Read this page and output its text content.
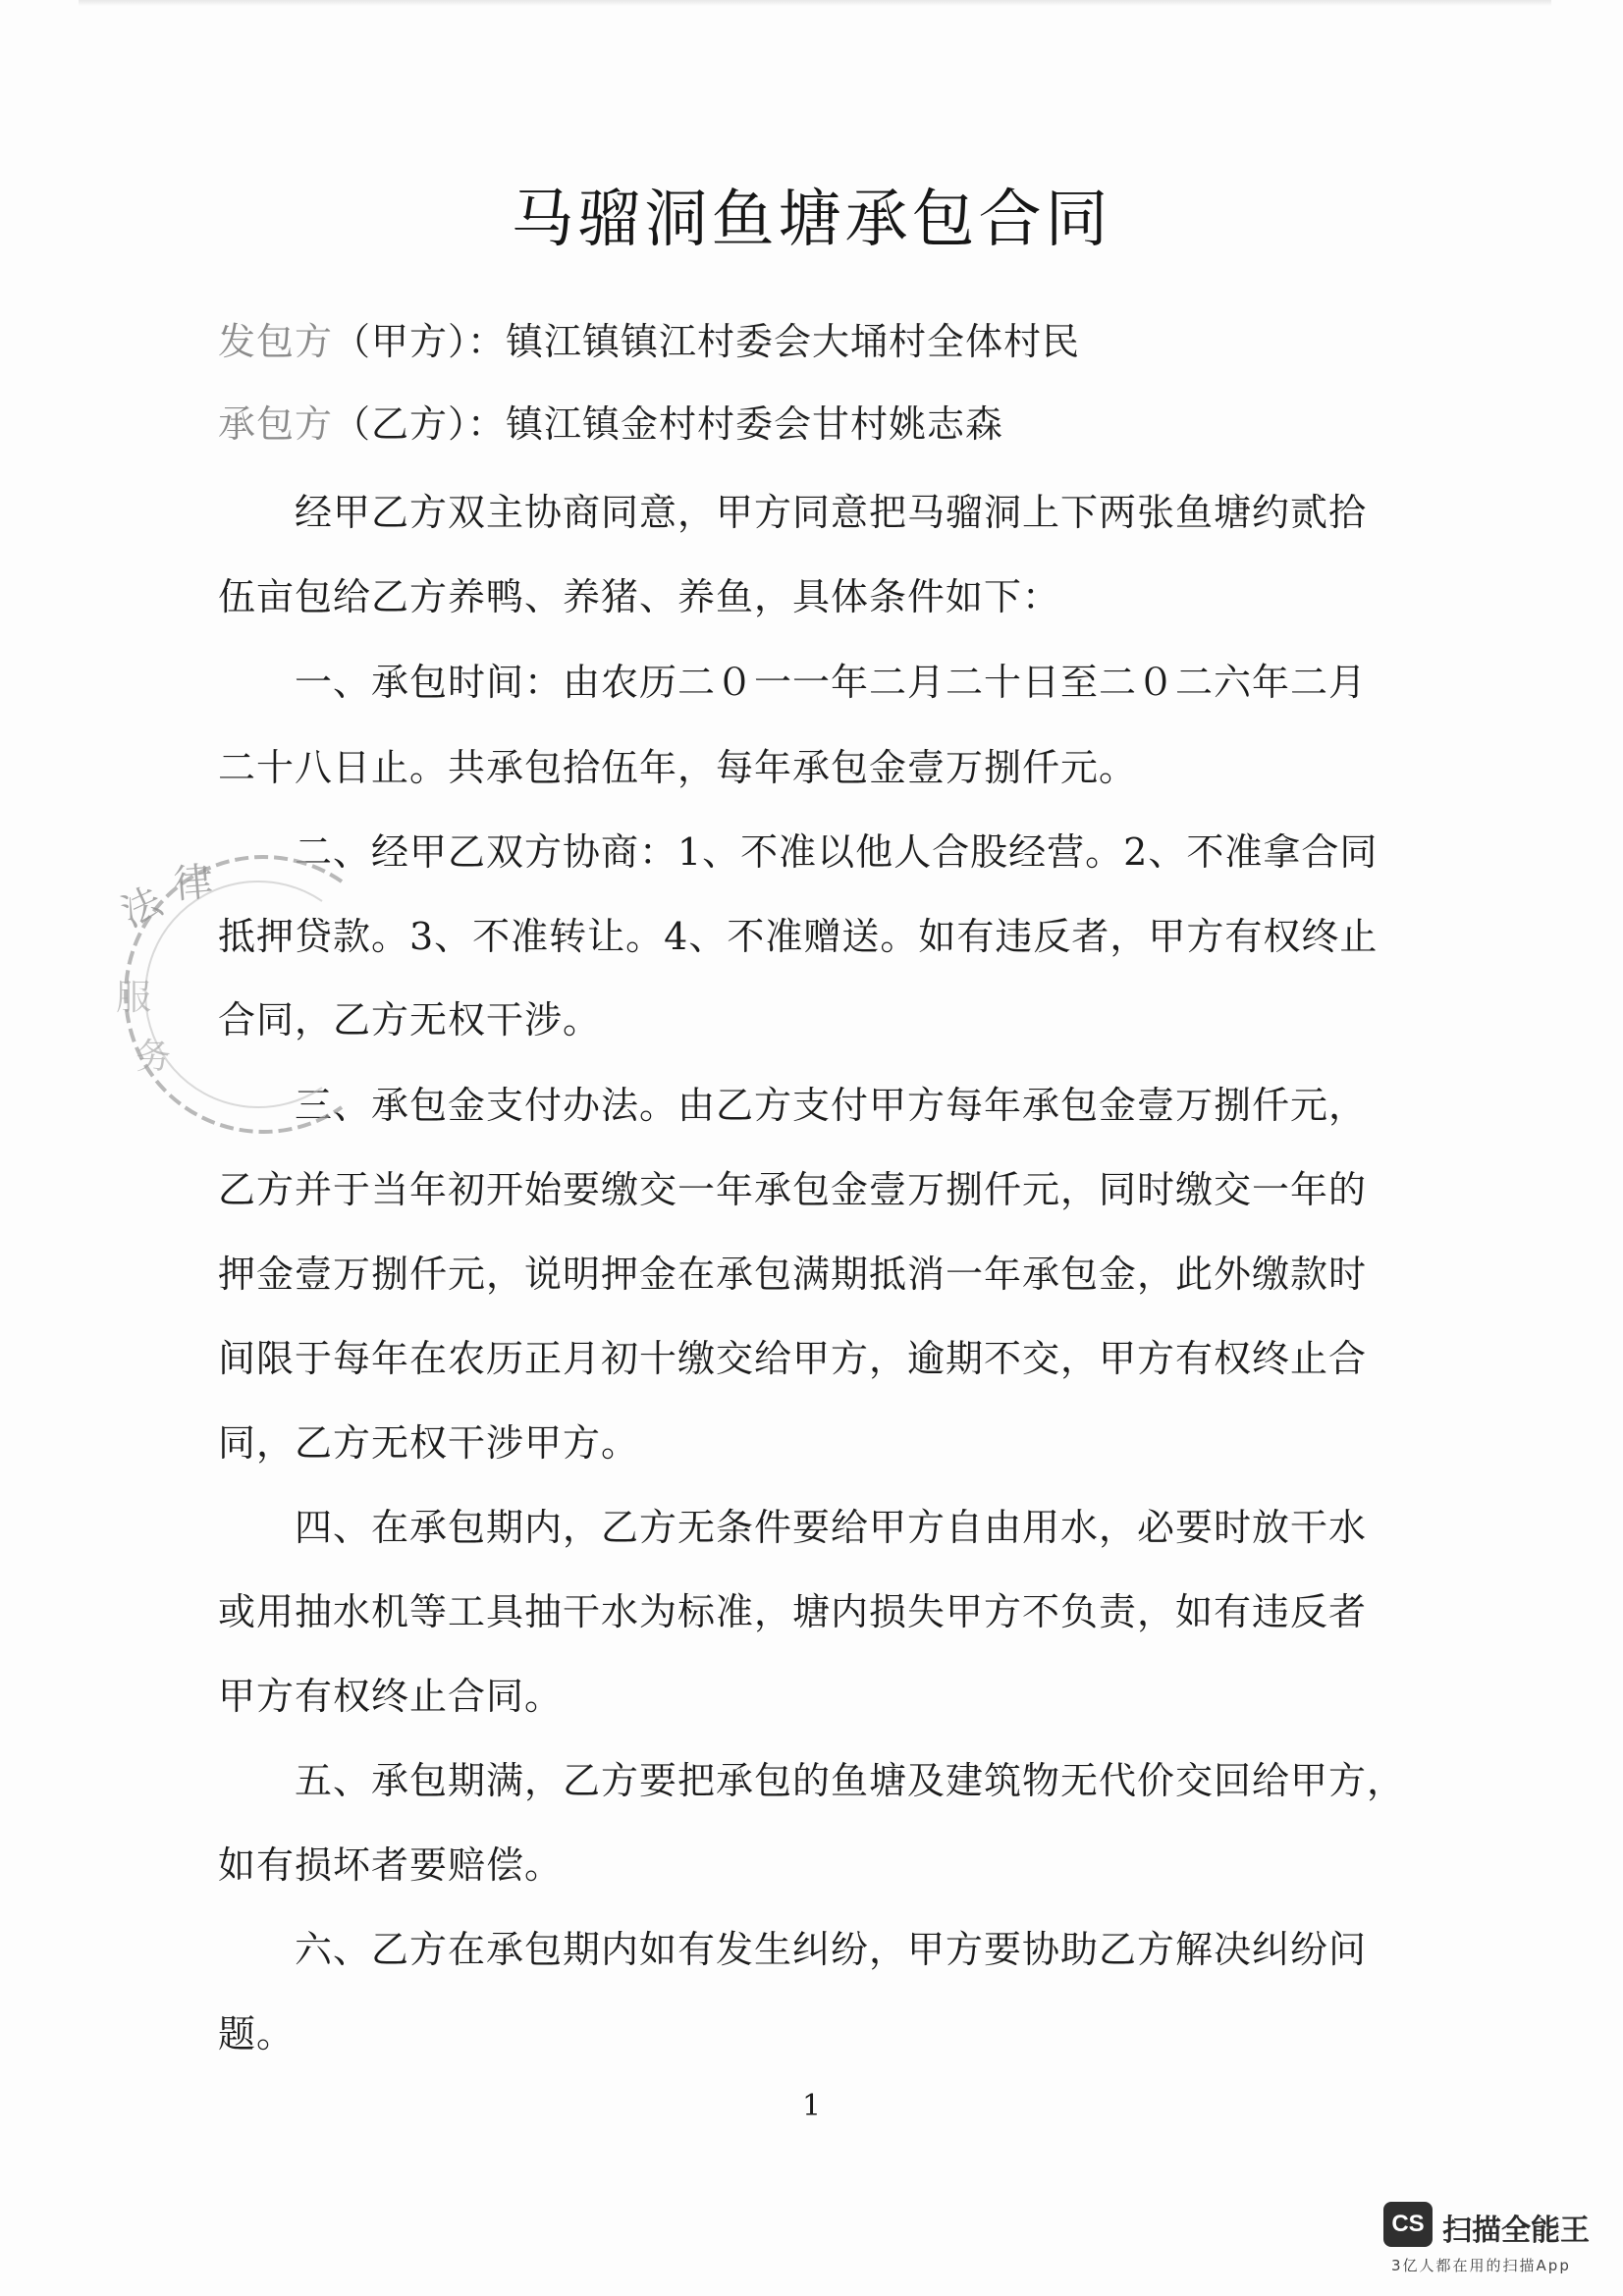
马骝洞鱼塘承包合同
发包方（甲方）：镇江镇镇江村委会大埇村全体村民
承包方（乙方）：镇江镇金村村委会甘村姚志森
经甲乙方双主协商同意，甲方同意把马骝洞上下两张鱼塘约贰拾
伍亩包给乙方养鸭、养猪、养鱼，具体条件如下：
一、承包时间：由农历二０一一年二月二十日至二０二六年二月
二十八日止。共承包拾伍年，每年承包金壹万捌仟元。
二、经甲乙双方协商：1、不准以他人合股经营。2、不准拿合同
抵押贷款。3、不准转让。4、不准赠送。如有违反者，甲方有权终止
合同，乙方无权干涉。
三、承包金支付办法。由乙方支付甲方每年承包金壹万捌仟元，
乙方并于当年初开始要缴交一年承包金壹万捌仟元，同时缴交一年的
押金壹万捌仟元，说明押金在承包满期抵消一年承包金，此外缴款时
间限于每年在农历正月初十缴交给甲方，逾期不交，甲方有权终止合
同，乙方无权干涉甲方。
四、在承包期内，乙方无条件要给甲方自由用水，必要时放干水
或用抽水机等工具抽干水为标准，塘内损失甲方不负责，如有违反者
甲方有权终止合同。
五、承包期满，乙方要把承包的鱼塘及建筑物无代价交回给甲方，
如有损坏者要赔偿。
六、乙方在承包期内如有发生纠纷，甲方要协助乙方解决纠纷问
题。
1
法 律
服
务
CS 扫描全能王
3亿人都在用的扫描App
